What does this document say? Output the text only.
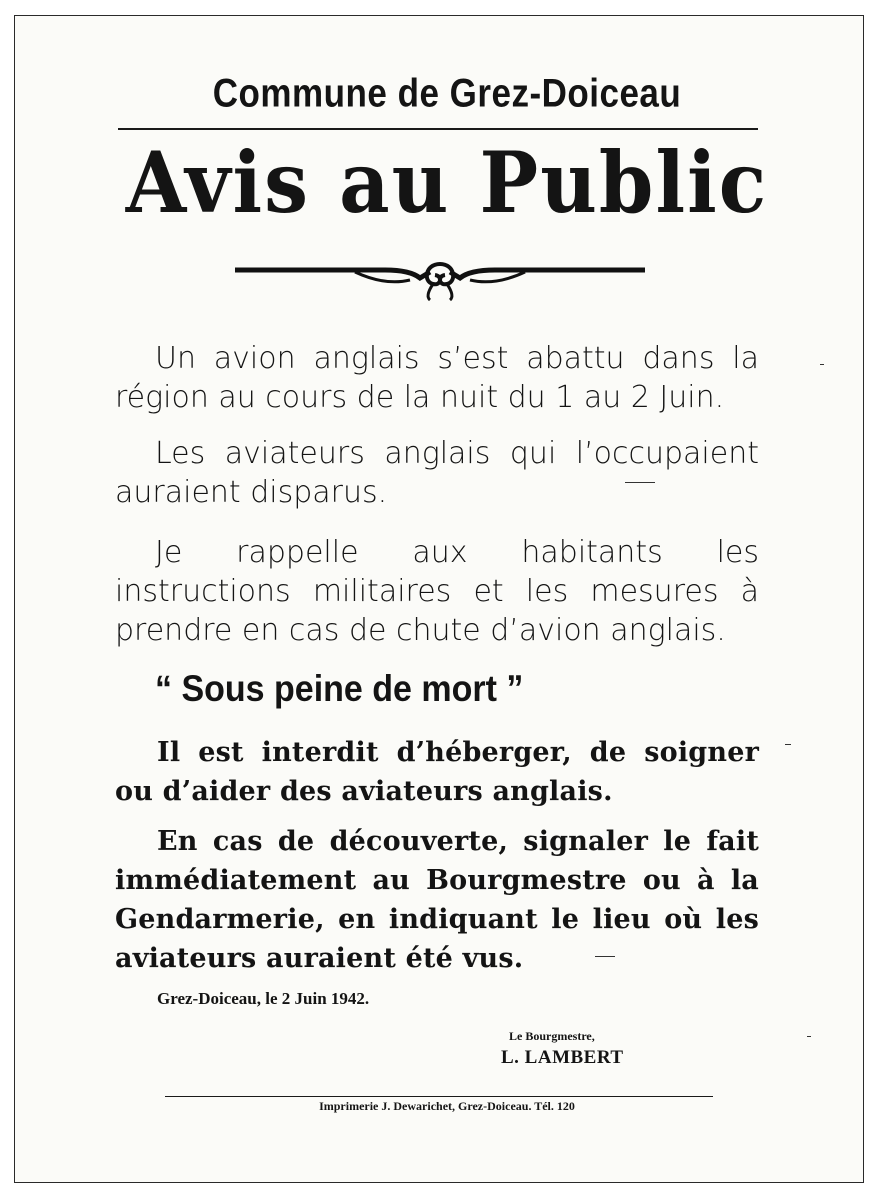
Commune de Grez-Doiceau
Avis au Public

Un avion anglais s’est abattu dans la région au cours de la nuit du 1 au 2 Juin.

Les aviateurs anglais qui l’occupaient auraient disparus.

Je rappelle aux habitants les instructions militaires et les mesures à prendre en cas de chute d’avion anglais.

“ Sous peine de mort ”

Il est interdit d’héberger, de soigner ou d’aider des aviateurs anglais.

En cas de découverte, signaler le fait immédiatement au Bourgmestre ou à la Gendarmerie, en indiquant le lieu où les aviateurs auraient été vus.

Grez-Doiceau, le 2 Juin 1942.
Le Bourgmestre,
L. LAMBERT
Imprimerie J. Dewarichet, Grez-Doiceau. Tél. 120
